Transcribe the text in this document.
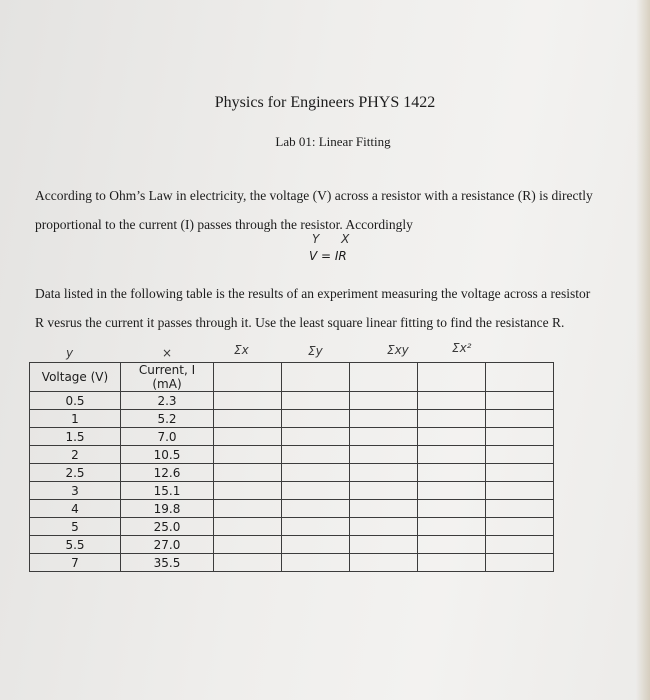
Physics for Engineers PHYS 1422
Lab 01: Linear Fitting

According to Ohm’s Law in electricity, the voltage (V) across a resistor with a resistance (R) is directly

proportional to the current (I) passes through the resistor. Accordingly

Y X
V = IR

Data listed in the following table is the results of an experiment measuring the voltage across a resistor

R vesrus the current it passes through it. Use the least square linear fitting to find the resistance R.

y	×	Σx	Σy	Σxy	Σx²
Voltage (V)	Current, I (mA)					
0.5	2.3					
1	5.2					
1.5	7.0					
2	10.5					
2.5	12.6					
3	15.1					
4	19.8					
5	25.0					
5.5	27.0					
7	35.5					
